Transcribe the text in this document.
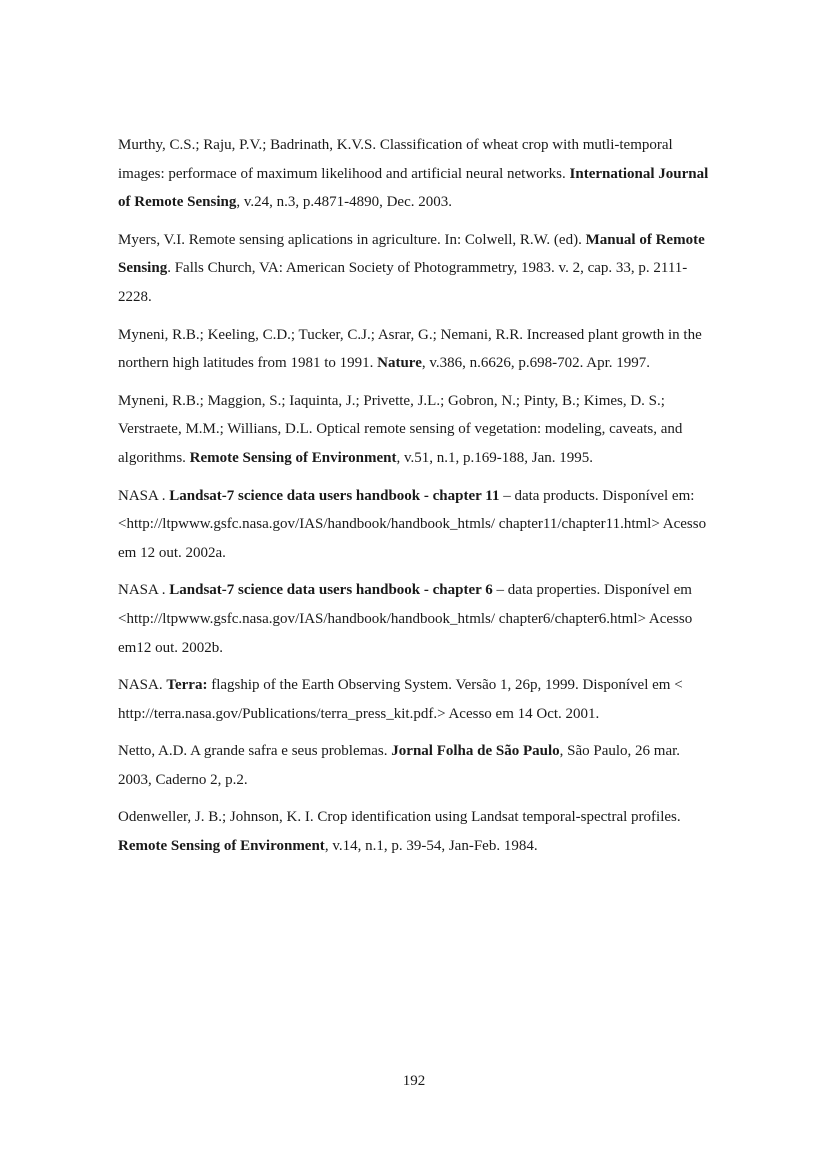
Murthy, C.S.; Raju, P.V.; Badrinath, K.V.S. Classification of wheat crop with mutli-temporal images: performace of maximum likelihood and artificial neural networks. International Journal of Remote Sensing, v.24, n.3, p.4871-4890, Dec. 2003.

Myers, V.I. Remote sensing aplications in agriculture. In: Colwell, R.W. (ed). Manual of Remote Sensing. Falls Church, VA: American Society of Photogrammetry, 1983. v. 2, cap. 33, p. 2111-2228.

Myneni, R.B.; Keeling, C.D.; Tucker, C.J.; Asrar, G.; Nemani, R.R. Increased plant growth in the northern high latitudes from 1981 to 1991. Nature, v.386, n.6626, p.698-702. Apr. 1997.

Myneni, R.B.; Maggion, S.; Iaquinta, J.; Privette, J.L.; Gobron, N.; Pinty, B.; Kimes, D. S.; Verstraete, M.M.; Willians, D.L. Optical remote sensing of vegetation: modeling, caveats, and algorithms. Remote Sensing of Environment, v.51, n.1, p.169-188, Jan. 1995.

NASA . Landsat-7 science data users handbook - chapter 11 – data products. Disponível em: <http://ltpwww.gsfc.nasa.gov/IAS/handbook/handbook_htmls/ chapter11/chapter11.html> Acesso em 12 out. 2002a.

NASA . Landsat-7 science data users handbook - chapter 6 – data properties. Disponível em <http://ltpwww.gsfc.nasa.gov/IAS/handbook/handbook_htmls/ chapter6/chapter6.html> Acesso em12 out. 2002b.

NASA. Terra: flagship of the Earth Observing System. Versão 1, 26p, 1999. Disponível em < http://terra.nasa.gov/Publications/terra_press_kit.pdf.> Acesso em 14 Oct. 2001.

Netto, A.D. A grande safra e seus problemas. Jornal Folha de São Paulo, São Paulo, 26 mar. 2003, Caderno 2, p.2.

Odenweller, J. B.; Johnson, K. I. Crop identification using Landsat temporal-spectral profiles. Remote Sensing of Environment, v.14, n.1, p. 39-54, Jan-Feb. 1984.

192
